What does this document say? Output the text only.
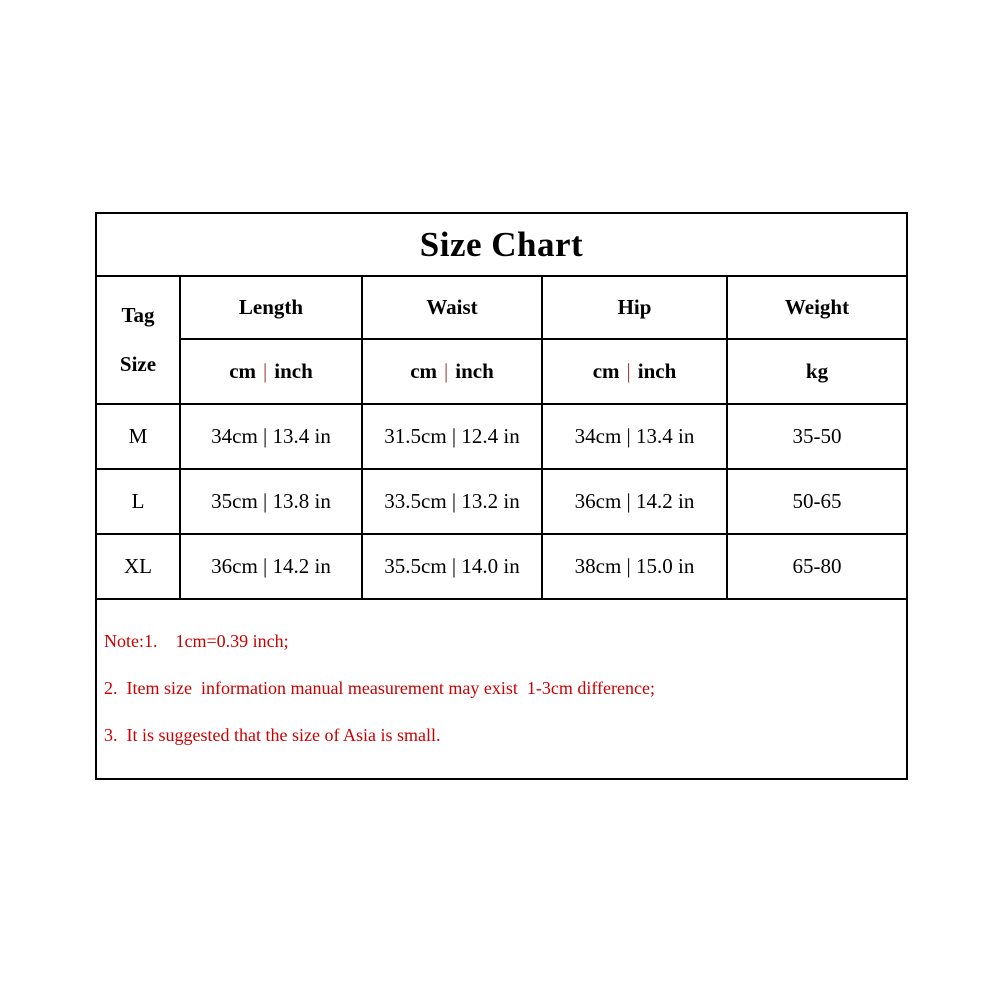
Size Chart
Tag
Size
Length	Waist	Hip	Weight
cm | inch	cm | inch	cm | inch	kg
M	34cm | 13.4 in	31.5cm | 12.4 in	34cm | 13.4 in	35-50
L	35cm | 13.8 in	33.5cm | 13.2 in	36cm | 14.2 in	50-65
XL	36cm | 14.2 in	35.5cm | 14.0 in	38cm | 15.0 in	65-80

Note:1.    1cm=0.39 inch;

2.  Item size  information manual measurement may exist  1-3cm difference;

3.  It is suggested that the size of Asia is small.
